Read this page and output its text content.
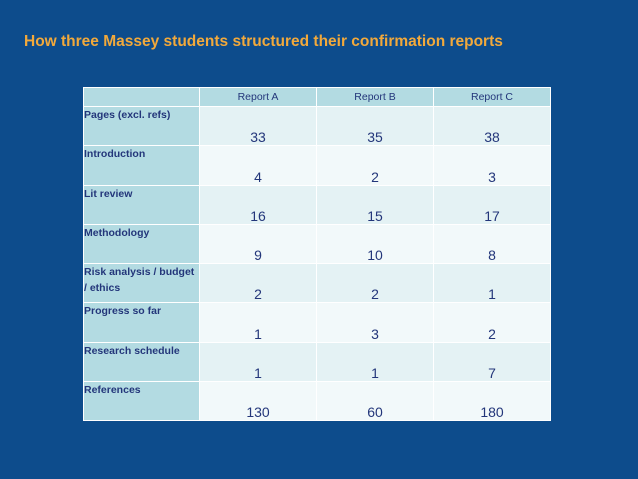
How three Massey students structured their confirmation reports
	Report A	Report B	Report C
Pages (excl. refs)	33	35	38
Introduction	4	2	3
Lit review	16	15	17
Methodology	9	10	8
Risk analysis / budget / ethics	2	2	1
Progress so far	1	3	2
Research schedule	1	1	7
References	130	60	180
